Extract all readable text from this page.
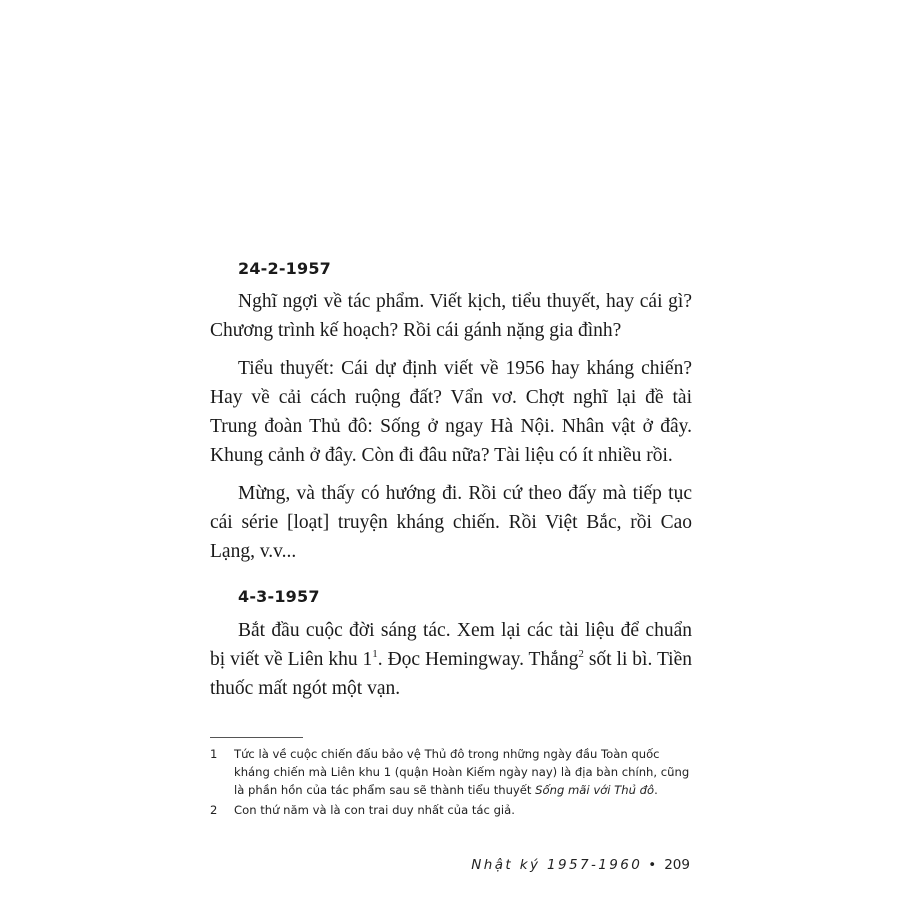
24-2-1957

Nghĩ ngợi về tác phẩm. Viết kịch, tiểu thuyết, hay cái gì? Chương trình kế hoạch? Rồi cái gánh nặng gia đình?

Tiểu thuyết: Cái dự định viết về 1956 hay kháng chiến? Hay về cải cách ruộng đất? Vẩn vơ. Chợt nghĩ lại đề tài Trung đoàn Thủ đô: Sống ở ngay Hà Nội. Nhân vật ở đây. Khung cảnh ở đây. Còn đi đâu nữa? Tài liệu có ít nhiều rồi.

Mừng, và thấy có hướng đi. Rồi cứ theo đấy mà tiếp tục cái série [loạt] truyện kháng chiến. Rồi Việt Bắc, rồi Cao Lạng, v.v...

4-3-1957

Bắt đầu cuộc đời sáng tác. Xem lại các tài liệu để chuẩn bị viết về Liên khu $1^1$. Đọc Hemingway. Thắng$^2$ sốt li bì. Tiền thuốc mất ngót một vạn.

1	Tức là về cuộc chiến đấu bảo vệ Thủ đô trong những ngày đầu Toàn quốc kháng chiến mà Liên khu 1 (quận Hoàn Kiếm ngày nay) là địa bàn chính, cũng là phần hồn của tác phẩm sau sẽ thành tiểu thuyết Sống mãi với Thủ đô.
2	Con thứ năm và là con trai duy nhất của tác giả.
Nhật ký 1957-1960 • 209
